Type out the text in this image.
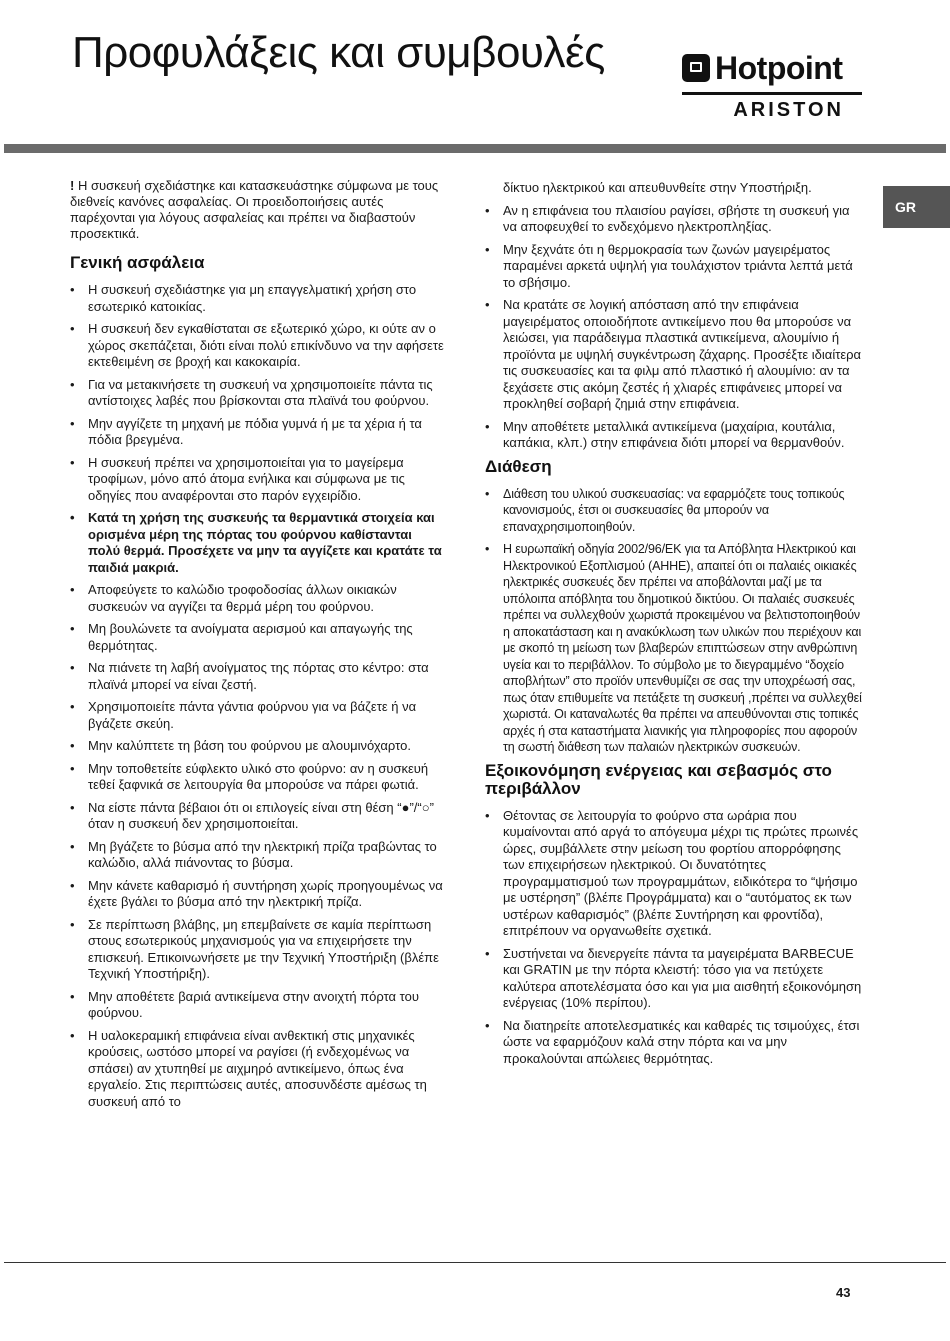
Προφυλάξεις και συμβουλές	Hotpoint
ARISTON
GR

! Η συσκευή σχεδιάστηκε και κατασκευάστηκε σύμφωνα με τους διεθνείς κανόνες ασφαλείας. Οι προειδοποιήσεις αυτές παρέχονται για λόγους ασφαλείας και πρέπει να διαβαστούν προσεκτικά.

Γενική ασφάλεια
• Η συσκευή σχεδιάστηκε για μη επαγγελματική χρήση στο εσωτερικό κατοικίας.
• Η συσκευή δεν εγκαθίσταται σε εξωτερικό χώρο, κι ούτε αν ο χώρος σκεπάζεται, διότι είναι πολύ επικίνδυνο να την αφήσετε εκτεθειμένη σε βροχή και κακοκαιρία.
• Για να μετακινήσετε τη συσκευή να χρησιμοποιείτε πάντα τις αντίστοιχες λαβές που βρίσκονται στα πλαϊνά του φούρνου.
• Μην αγγίζετε τη μηχανή με πόδια γυμνά ή με τα χέρια ή τα πόδια βρεγμένα.
• Η συσκευή πρέπει να χρησιμοποιείται για το μαγείρεμα τροφίμων, μόνο από άτομα ενήλικα και σύμφωνα με τις οδηγίες που αναφέρονται στο παρόν εγχειρίδιο.
• Κατά τη χρήση της συσκευής τα θερμαντικά στοιχεία και ορισμένα μέρη της πόρτας του φούρνου καθίστανται πολύ θερμά. Προσέχετε να μην τα αγγίζετε και κρατάτε τα παιδιά μακριά.
• Αποφεύγετε το καλώδιο τροφοδοσίας άλλων οικιακών συσκευών να αγγίζει τα θερμά μέρη του φούρνου.
• Μη βουλώνετε τα ανοίγματα αερισμού και απαγωγής της θερμότητας.
• Να πιάνετε τη λαβή ανοίγματος της πόρτας στο κέντρο: στα πλαϊνά μπορεί να είναι ζεστή.
• Χρησιμοποιείτε πάντα γάντια φούρνου για να βάζετε ή να βγάζετε σκεύη.
• Μην καλύπτετε τη βάση του φούρνου με αλουμινόχαρτο.
• Μην τοποθετείτε εύφλεκτο υλικό στο φούρνο: αν η συσκευή τεθεί ξαφνικά σε λειτουργία θα μπορούσε να πάρει φωτιά.
• Να είστε πάντα βέβαιοι ότι οι επιλογείς είναι στη θέση “●”/“○” όταν η συσκευή δεν χρησιμοποιείται.
• Μη βγάζετε το βύσμα από την ηλεκτρική πρίζα τραβώντας το καλώδιο, αλλά πιάνοντας το βύσμα.
• Μην κάνετε καθαρισμό ή συντήρηση χωρίς προηγουμένως να έχετε βγάλει το βύσμα από την ηλεκτρική πρίζα.
• Σε περίπτωση βλάβης, μη επεμβαίνετε σε καμία περίπτωση στους εσωτερικούς μηχανισμούς για να επιχειρήσετε την επισκευή. Επικοινωνήσετε με την Τεχνική Υποστήριξη (βλέπε Τεχνική Υποστήριξη).
• Μην αποθέτετε βαριά αντικείμενα στην ανοιχτή πόρτα του φούρνου.
• Η υαλοκεραμική επιφάνεια είναι ανθεκτική στις μηχανικές κρούσεις, ωστόσο μπορεί να ραγίσει (ή ενδεχομένως να σπάσει) αν χτυπηθεί με αιχμηρό αντικείμενο, όπως ένα εργαλείο. Στις περιπτώσεις αυτές, αποσυνδέστε αμέσως τη συσκευή από το

δίκτυο ηλεκτρικού και απευθυνθείτε στην Υποστήριξη.

• Αν η επιφάνεια του πλαισίου ραγίσει, σβήστε τη συσκευή για να αποφευχθεί το ενδεχόμενο ηλεκτροπληξίας.
• Μην ξεχνάτε ότι η θερμοκρασία των ζωνών μαγειρέματος παραμένει αρκετά υψηλή για τουλάχιστον τριάντα λεπτά μετά το σβήσιμο.
• Να κρατάτε σε λογική απόσταση από την επιφάνεια μαγειρέματος οποιοδήποτε αντικείμενο που θα μπορούσε να λειώσει, για παράδειγμα πλαστικά αντικείμενα, αλουμίνιο ή προϊόντα με υψηλή συγκέντρωση ζάχαρης. Προσέξτε ιδιαίτερα τις συσκευασίες και τα φιλμ από πλαστικό ή αλουμίνιο: αν τα ξεχάσετε στις ακόμη ζεστές ή χλιαρές επιφάνειες μπορεί να προκληθεί σοβαρή ζημιά στην επιφάνεια.
• Μην αποθέτετε μεταλλικά αντικείμενα (μαχαίρια, κουτάλια, καπάκια, κλπ.) στην επιφάνεια διότι μπορεί να θερμανθούν.
Διάθεση
• Διάθεση του υλικού συσκευασίας: να εφαρμόζετε τους τοπικούς κανονισμούς, έτσι οι συσκευασίες θα μπορούν να επαναχρησιμοποιηθούν.
• Η ευρωπαϊκή οδηγία 2002/96/ΕΚ για τα Απόβλητα Ηλεκτρικού και Ηλεκτρονικού Εξοπλισμού (ΑΗΗΕ), απαιτεί ότι οι παλαιές οικιακές ηλεκτρικές συσκευές δεν πρέπει να αποβάλονται μαζί με τα υπόλοιπα απόβλητα του δημοτικού δικτύου. Οι παλαιές συσκευές πρέπει να συλλεχθούν χωριστά προκειμένου να βελτιστοποιηθούν η αποκατάσταση και η ανακύκλωση των υλικών που περιέχουν και με σκοπό τη μείωση των βλαβερών επιπτώσεων στην ανθρώπινη υγεία και το περιβάλλον. Το σύμβολο με το διεγραμμένο “δοχείο αποβλήτων” στο προϊόν υπενθυμίζει σε σας την υποχρέωσή σας, πως όταν επιθυμείτε να πετάξετε τη συσκευή ,πρέπει να συλλεχθεί χωριστά. Οι καταναλωτές θα πρέπει να απευθύνονται στις τοπικές αρχές ή στα καταστήματα λιανικής για πληροφορίες που αφορούν τη σωστή διάθεση των παλαιών ηλεκτρικών συσκευών.
Εξοικονόμηση ενέργειας και σεβασμός στο περιβάλλον
• Θέτοντας σε λειτουργία το φούρνο στα ωράρια που κυμαίνονται από αργά το απόγευμα μέχρι τις πρώτες πρωινές ώρες, συμβάλλετε στην μείωση του φορτίου απορρόφησης των επιχειρήσεων ηλεκτρικού. Οι δυνατότητες προγραμματισμού των προγραμμάτων, ειδικότερα το “ψήσιμο με υστέρηση” (βλέπε Προγράμματα) και ο “αυτόματος εκ των υστέρων καθαρισμός” (βλέπε Συντήρηση και φροντίδα), επιτρέπουν να οργανωθείτε σχετικά.
• Συστήνεται να διενεργείτε πάντα τα μαγειρέματα BARBECUE και GRATIN με την πόρτα κλειστή: τόσο για να πετύχετε καλύτερα αποτελέσματα όσο και για μια αισθητή εξοικονόμηση ενέργειας (10% περίπου).
• Να διατηρείτε αποτελεσματικές και καθαρές τις τσιμούχες, έτσι ώστε να εφαρμόζουν καλά στην πόρτα και να μην προκαλούνται απώλειες θερμότητας.
43
